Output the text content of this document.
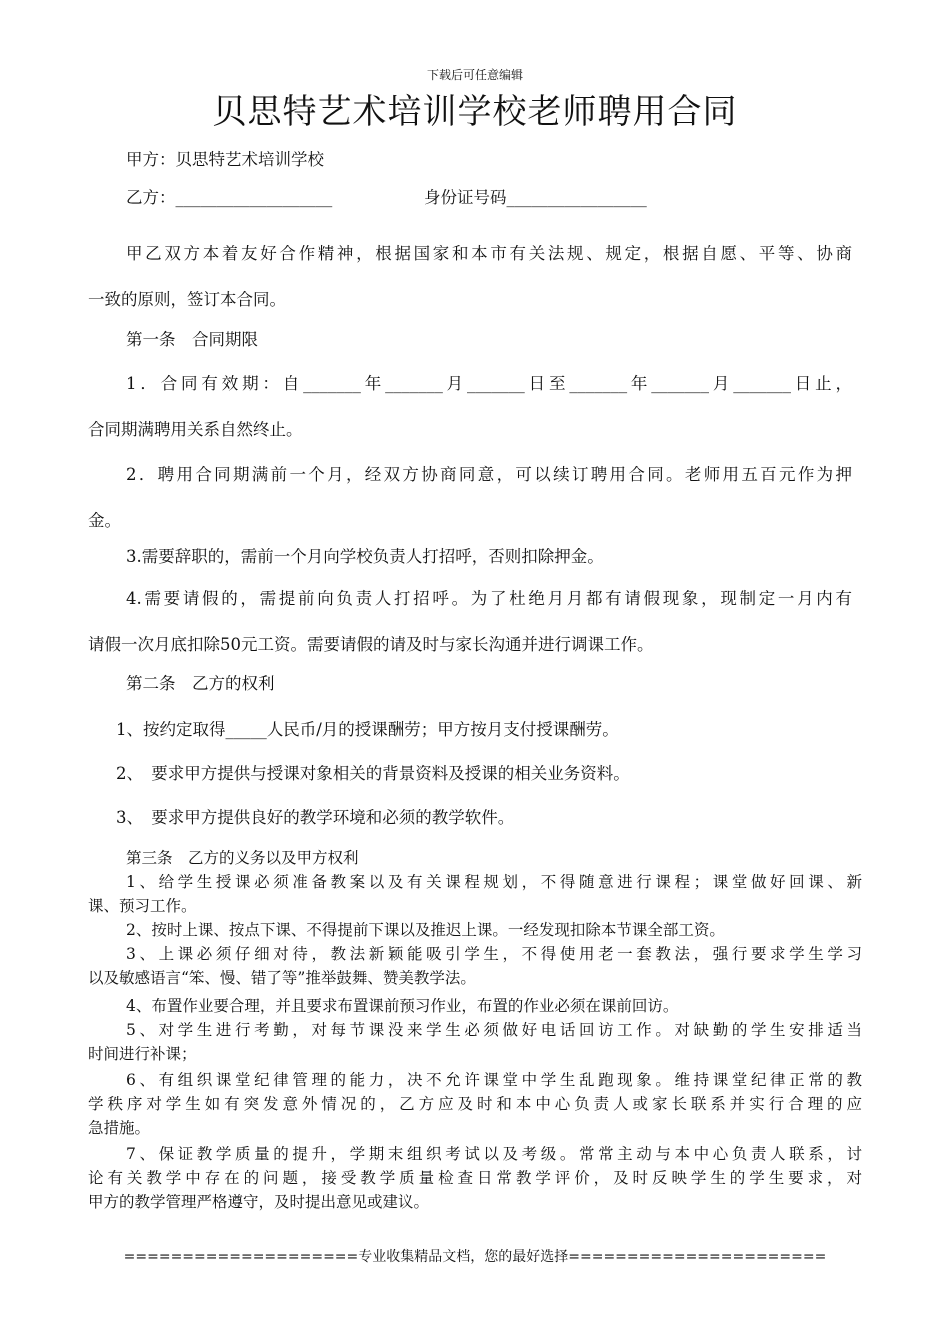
下载后可任意编辑
贝思特艺术培训学校老师聘用合同
甲方：贝思特艺术培训学校
乙方：___________________	身份证号码_________________
甲乙双方本着友好合作精神，根据国家和本市有关法规、规定，根据自愿、平等、协商
一致的原则，签订本合同。
第一条　合同期限
1．合同有效期：自_______年_______月_______日至_______年_______月_______日止，
合同期满聘用关系自然终止。
2．聘用合同期满前一个月，经双方协商同意，可以续订聘用合同。老师用五百元作为押
金。
3.需要辞职的，需前一个月向学校负责人打招呼，否则扣除押金。
4.需要请假的，需提前向负责人打招呼。为了杜绝月月都有请假现象，现制定一月内有
请假一次月底扣除50元工资。需要请假的请及时与家长沟通并进行调课工作。
第二条　乙方的权利
1、按约定取得_____人民币/月的授课酬劳；甲方按月支付授课酬劳。
2、　要求甲方提供与授课对象相关的背景资料及授课的相关业务资料。
3、　要求甲方提供良好的教学环境和必须的教学软件。
第三条　乙方的义务以及甲方权利
1、给学生授课必须准备教案以及有关课程规划，不得随意进行课程；课堂做好回课、新
课、预习工作。
2、按时上课、按点下课、不得提前下课以及推迟上课。一经发现扣除本节课全部工资。
3、上课必须仔细对待，教法新颖能吸引学生，不得使用老一套教法，强行要求学生学习
以及敏感语言“笨、慢、错了等”推举鼓舞、赞美教学法。
4、布置作业要合理，并且要求布置课前预习作业，布置的作业必须在课前回访。
5、对学生进行考勤，对每节课没来学生必须做好电话回访工作。对缺勤的学生安排适当
时间进行补课；
6、有组织课堂纪律管理的能力，决不允许课堂中学生乱跑现象。维持课堂纪律正常的教
学秩序对学生如有突发意外情况的，乙方应及时和本中心负责人或家长联系并实行合理的应
急措施。
7、保证教学质量的提升，学期末组织考试以及考级。常常主动与本中心负责人联系，讨
论有关教学中存在的问题，接受教学质量检查日常教学评价，及时反映学生的学生要求，对
甲方的教学管理严格遵守，及时提出意见或建议。
====================专业收集精品文档，您的最好选择======================
